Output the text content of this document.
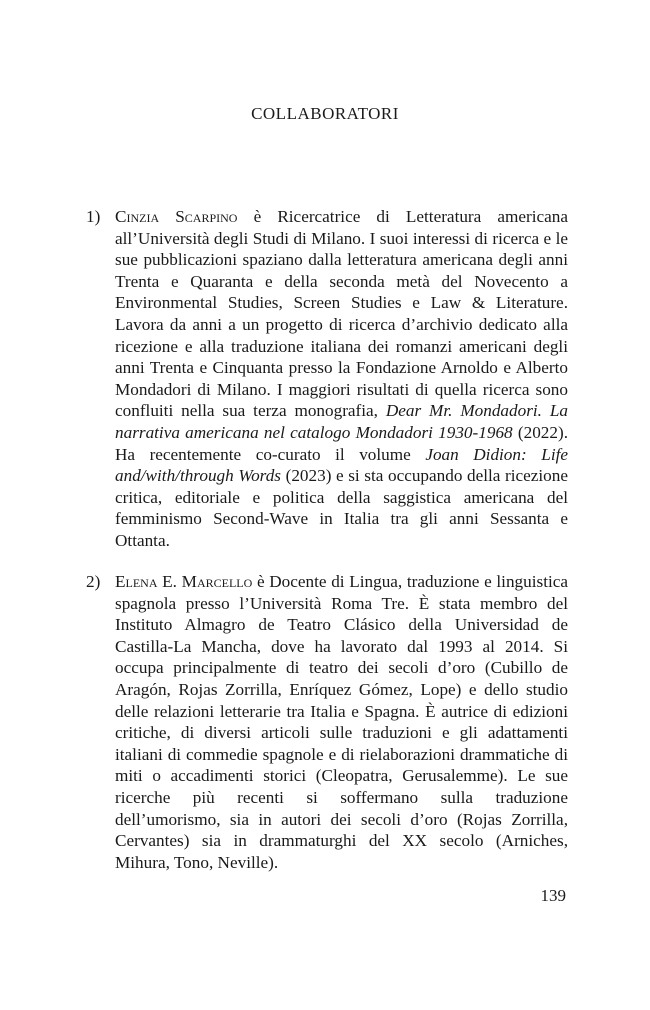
COLLABORATORI
1) Cinzia Scarpino è Ricercatrice di Letteratura americana all’Università degli Studi di Milano. I suoi interessi di ricerca e le sue pubblicazioni spaziano dalla letteratura americana degli anni Trenta e Quaranta e della seconda metà del Novecento a Environmental Studies, Screen Studies e Law & Literature. Lavora da anni a un progetto di ricerca d’archivio dedicato alla ricezione e alla traduzione italiana dei romanzi americani degli anni Trenta e Cinquanta presso la Fondazione Arnoldo e Alberto Mondadori di Milano. I maggiori risultati di quella ricerca sono confluiti nella sua terza monografia, Dear Mr. Mondadori. La narrativa americana nel catalogo Mondadori 1930-1968 (2022). Ha recentemente co-curato il volume Joan Didion: Life and/with/through Words (2023) e si sta occupando della ricezione critica, editoriale e politica della saggistica americana del femminismo Second-Wave in Italia tra gli anni Sessanta e Ottanta.
2) Elena E. Marcello è Docente di Lingua, traduzione e linguistica spagnola presso l’Università Roma Tre. È stata membro del Instituto Almagro de Teatro Clásico della Universidad de Castilla-La Mancha, dove ha lavorato dal 1993 al 2014. Si occupa principalmente di teatro dei secoli d’oro (Cubillo de Aragón, Rojas Zorrilla, Enríquez Gómez, Lope) e dello studio delle relazioni letterarie tra Italia e Spagna. È autrice di edizioni critiche, di diversi articoli sulle traduzioni e gli adattamenti italiani di commedie spagnole e di rielaborazioni drammatiche di miti o accadimenti storici (Cleopatra, Gerusalemme). Le sue ricerche più recenti si soffermano sulla traduzione dell’umorismo, sia in autori dei secoli d’oro (Rojas Zorrilla, Cervantes) sia in drammaturghi del XX secolo (Arniches, Mihura, Tono, Neville).
139
